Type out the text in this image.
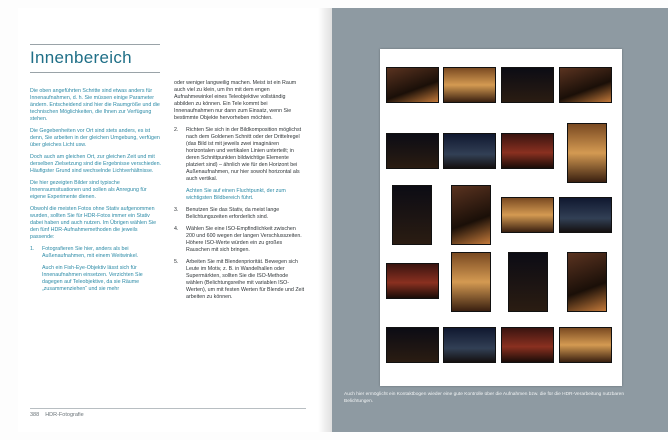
Innenbereich

Die oben angeführten Schritte sind etwas anders für Innenaufnahmen, d. h. Sie müssen einige Parameter ändern. Entscheidend sind hier die Raumgröße und die technischen Möglichkeiten, die Ihnen zur Verfügung stehen.

Die Gegebenheiten vor Ort sind stets anders, es ist denn, Sie arbeiten in der gleichen Umgebung, verfügen über gleiches Licht usw.

Doch auch am gleichen Ort, zur gleichen Zeit und mit derselben Zielsetzung sind die Ergebnisse verschieden. Häufigster Grund sind wechselnde Lichtverhältnisse.

Die hier gezeigten Bilder sind typische Innenraumsituationen und sollen als Anregung für eigene Experimente dienen.

Obwohl die meisten Fotos ohne Stativ aufgenommen wurden, sollten Sie für HDR-Fotos immer ein Stativ dabei haben und auch nutzen. Im Übrigen wählen Sie den fünf HDR-Aufnahmemethoden die jeweils passende:

1.	Fotografieren Sie hier, anders als bei Außenaufnahmen, mit einem Weitwinkel.
Auch ein Fish-Eye-Objektiv lässt sich für Innenaufnahmen einsetzen. Verzichten Sie dagegen auf Teleobjektive, da sie Räume „zusammenziehen“ und sie mehr

oder weniger langweilig machen. Meist ist ein Raum auch viel zu klein, um ihn mit dem engen Aufnahmewinkel eines Teleobjektive vollständig abbilden zu können. Ein Tele kommt bei Innenaufnahmen nur dann zum Einsatz, wenn Sie bestimmte Objekte hervorheben möchten.

2.	Richten Sie sich in der Bildkomposition möglichst nach dem Goldenen Schnitt oder der Drittelregel (das Bild ist mit jeweils zwei imaginären horizontalen und vertikalen Linien unterteilt; in deren Schnittpunkten bildwichtige Elemente platziert sind) – ähnlich wie für den Horizont bei Außenaufnahmen, nur hier sowohl horizontal als auch vertikal.
Achten Sie auf einen Fluchtpunkt, der zum wichtigsten Bildbereich führt.
3.	Benutzen Sie das Stativ, da meist lange Belichtungszeiten erforderlich sind.
4.	Wählen Sie eine ISO-Empfindlichkeit zwischen 200 und 600 wegen der langen Verschlusszeiten. Höhere ISO-Werte würden ein zu großes Rauschen mit sich bringen.
5.	Arbeiten Sie mit Blendenpriorität. Bewegen sich Leute im Motiv, z. B. in Wandelhallen oder Supermärkten, sollten Sie die ISO-Methode wählen (Belichtungsreihe mit variablen ISO-Werten), um mit festen Werten für Blende und Zeit arbeiten zu können.
388 HDR-Fotografie
Auch hier ermöglicht ein Kontaktbogen wieder eine gute Kontrolle über die Aufnahmen bzw. die für die HDR-Verarbeitung nutzbaren Belichtungen.
